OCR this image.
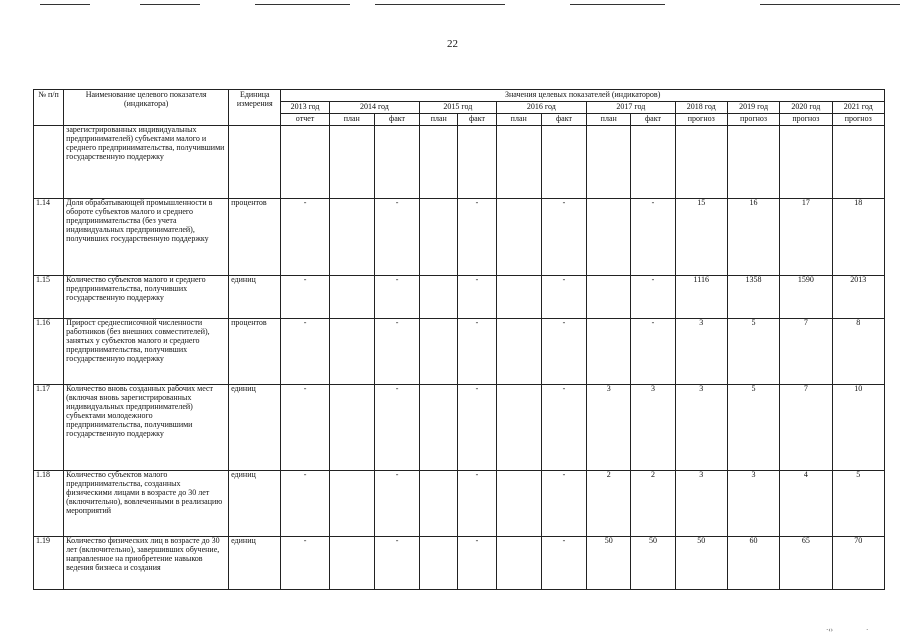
22
№ п/п	Наименование целевого показателя (индикатора)	Единица измерения	Значения целевых показателей (индикаторов)												
			2013 год	2014 год		2015 год		2016 год		2017 год		2018 год	2019 год	2020 год	2021 год
			отчет	план	факт	план	факт	план	факт	план	факт	прогноз	прогноз	прогноз	прогноз
	зарегистрированных индивидуальных предпринимателей) субъектами малого и среднего предпринимательства, получившими государственную поддержку														
1.14	Доля обрабатывающей промышленности в обороте субъектов малого и среднего предпринимательства (без учета индивидуальных предпринимателей), получивших государственную поддержку	процентов	-		-		-		-		-	15	16	17	18
1.15	Количество субъектов малого и среднего предпринимательства, получивших государственную поддержку	единиц	-		-		-		-		-	1116	1358	1590	2013
1.16	Прирост среднесписочной численности работников (без внешних совместителей), занятых у субъектов малого и среднего предпринимательства, получивших государственную поддержку	процентов	-		-		-		-		-	3	5	7	8
1.17	Количество вновь созданных рабочих мест (включая вновь зарегистрированных индивидуальных предпринимателей) субъектами молодежного предпринимательства, получившими государственную поддержку	единиц	-		-		-		-	3	3	3	5	7	10
1.18	Количество субъектов малого предпринимательства, созданных физическими лицами в возрасте до 30 лет (включительно), вовлеченными в реализацию мероприятий	единиц	-		-		-		-	2	2	3	3	4	5
1.19	Количество физических лиц в возрасте до 30 лет (включительно), завершивших обучение, направленное на приобретение навыков ведения бизнеса и создания	единиц	-		-		-		-	50	50	50	60	65	70
·‹›	·
